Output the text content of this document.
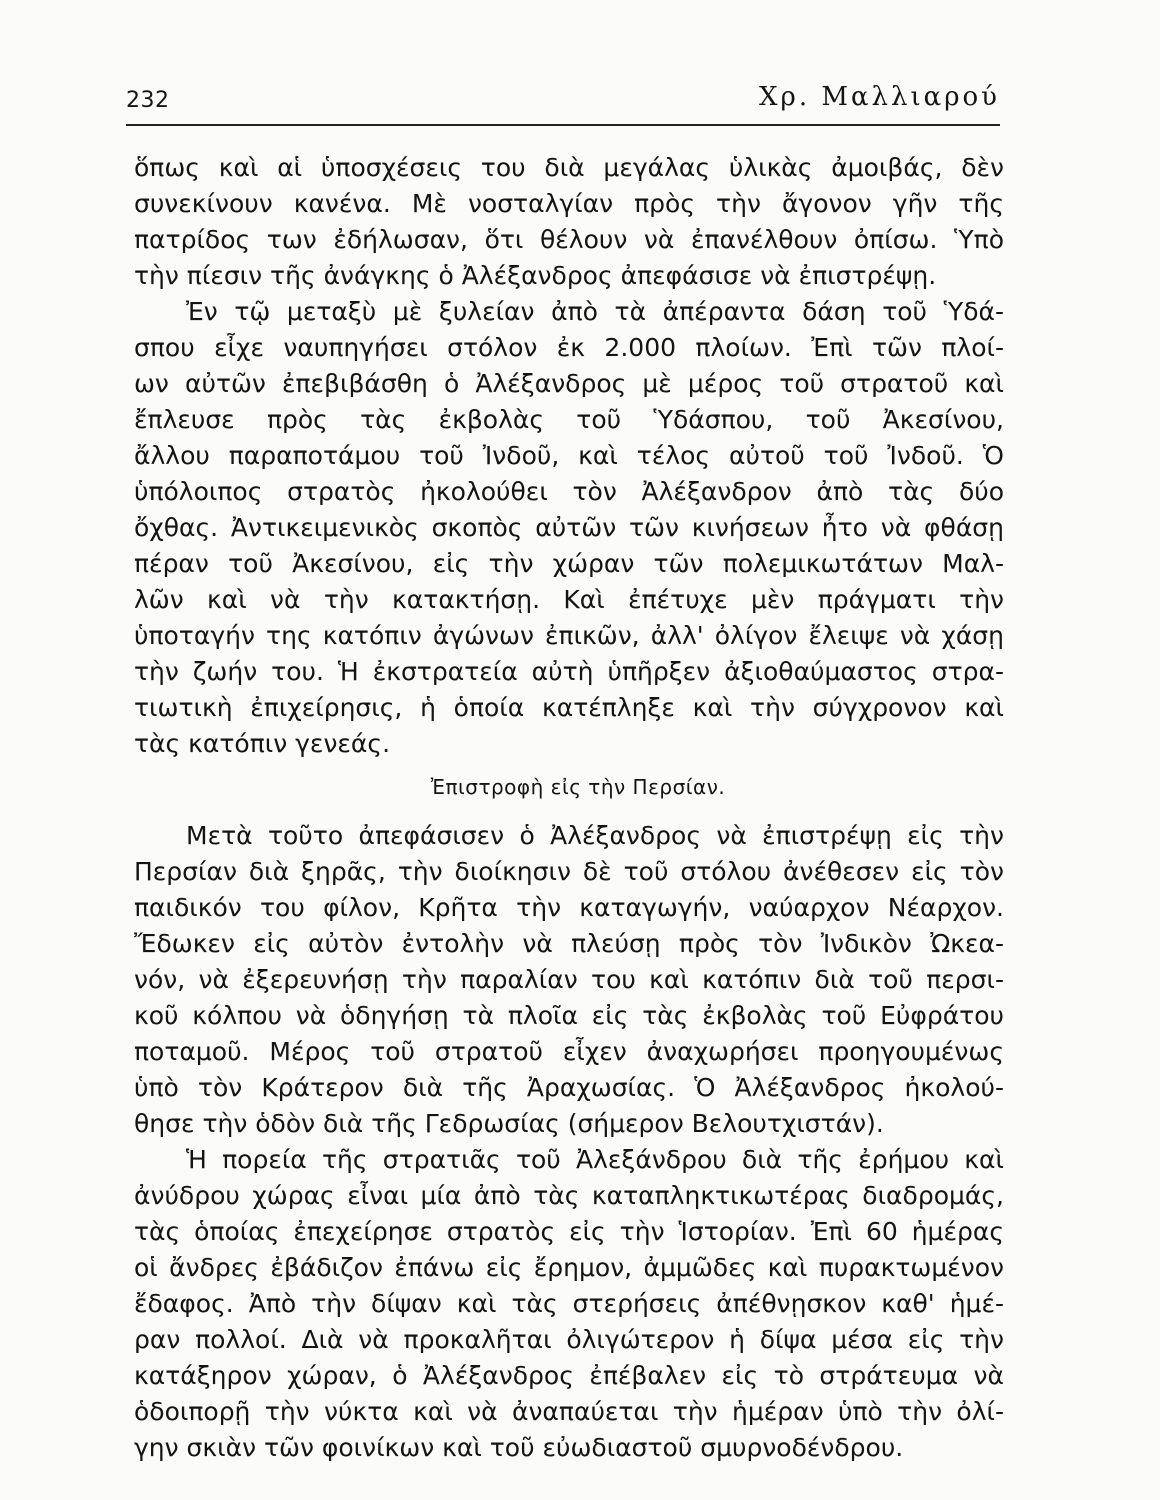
232	Χρ. Μαλλιαρού
ὅπως καὶ αἱ ὑποσχέσεις του διὰ μεγάλας ὑλικὰς ἀμοιβάς, δὲν
συνεκίνουν κανένα. Μὲ νοσταλγίαν πρὸς τὴν ἄγονον γῆν τῆς
πατρίδος των ἐδήλωσαν, ὅτι θέλουν νὰ ἐπανέλθουν ὀπίσω. Ὑπὸ
τὴν πίεσιν τῆς ἀνάγκης ὁ Ἀλέξανδρος ἀπεφάσισε νὰ ἐπιστρέψῃ.
Ἐν τῷ μεταξὺ μὲ ξυλείαν ἀπὸ τὰ ἀπέραντα δάση τοῦ Ὑδά-
σπου εἶχε ναυπηγήσει στόλον ἐκ 2.000 πλοίων. Ἐπὶ τῶν πλοί-
ων αὐτῶν ἐπεβιβάσθη ὁ Ἀλέξανδρος μὲ μέρος τοῦ στρατοῦ καὶ
ἔπλευσε πρὸς τὰς ἐκβολὰς τοῦ Ὑδάσπου, τοῦ Ἀκεσίνου,
ἄλλου παραποτάμου τοῦ Ἰνδοῦ, καὶ τέλος αὐτοῦ τοῦ Ἰνδοῦ. Ὁ
ὑπόλοιπος στρατὸς ἠκολούθει τὸν Ἀλέξανδρον ἀπὸ τὰς δύο
ὄχθας. Ἀντικειμενικὸς σκοπὸς αὐτῶν τῶν κινήσεων ἦτο νὰ φθάσῃ
πέραν τοῦ Ἀκεσίνου, εἰς τὴν χώραν τῶν πολεμικωτάτων Μαλ-
λῶν καὶ νὰ τὴν κατακτήσῃ. Καὶ ἐπέτυχε μὲν πράγματι τὴν
ὑποταγήν της κατόπιν ἀγώνων ἐπικῶν, ἀλλ' ὀλίγον ἔλειψε νὰ χάσῃ
τὴν ζωήν του. Ἡ ἐκστρατεία αὐτὴ ὑπῆρξεν ἀξιοθαύμαστος στρα-
τιωτικὴ ἐπιχείρησις, ἡ ὁποία κατέπληξε καὶ τὴν σύγχρονον καὶ
τὰς κατόπιν γενεάς.
Ἐπιστροφὴ εἰς τὴν Περσίαν.
Μετὰ τοῦτο ἀπεφάσισεν ὁ Ἀλέξανδρος νὰ ἐπιστρέψῃ εἰς τὴν
Περσίαν διὰ ξηρᾶς, τὴν διοίκησιν δὲ τοῦ στόλου ἀνέθεσεν εἰς τὸν
παιδικόν του φίλον, Κρῆτα τὴν καταγωγήν, ναύαρχον Νέαρχον.
Ἔδωκεν εἰς αὐτὸν ἐντολὴν νὰ πλεύσῃ πρὸς τὸν Ἰνδικὸν Ὠκεα-
νόν, νὰ ἐξερευνήσῃ τὴν παραλίαν του καὶ κατόπιν διὰ τοῦ περσι-
κοῦ κόλπου νὰ ὁδηγήσῃ τὰ πλοῖα εἰς τὰς ἐκβολὰς τοῦ Εὐφράτου
ποταμοῦ. Μέρος τοῦ στρατοῦ εἶχεν ἀναχωρήσει προηγουμένως
ὑπὸ τὸν Κράτερον διὰ τῆς Ἀραχωσίας. Ὁ Ἀλέξανδρος ἠκολού-
θησε τὴν ὁδὸν διὰ τῆς Γεδρωσίας (σήμερον Βελουτχιστάν).
Ἡ πορεία τῆς στρατιᾶς τοῦ Ἀλεξάνδρου διὰ τῆς ἐρήμου καὶ
ἀνύδρου χώρας εἶναι μία ἀπὸ τὰς καταπληκτικωτέρας διαδρομάς,
τὰς ὁποίας ἐπεχείρησε στρατὸς εἰς τὴν Ἱστορίαν. Ἐπὶ 60 ἡμέρας
οἱ ἄνδρες ἐβάδιζον ἐπάνω εἰς ἔρημον, ἀμμῶδες καὶ πυρακτωμένον
ἔδαφος. Ἀπὸ τὴν δίψαν καὶ τὰς στερήσεις ἀπέθνῃσκον καθ' ἡμέ-
ραν πολλοί. Διὰ νὰ προκαλῆται ὀλιγώτερον ἡ δίψα μέσα εἰς τὴν
κατάξηρον χώραν, ὁ Ἀλέξανδρος ἐπέβαλεν εἰς τὸ στράτευμα νὰ
ὁδοιπορῇ τὴν νύκτα καὶ νὰ ἀναπαύεται τὴν ἡμέραν ὑπὸ τὴν ὀλί-
γην σκιὰν τῶν φοινίκων καὶ τοῦ εὐωδιαστοῦ σμυρνοδένδρου.
